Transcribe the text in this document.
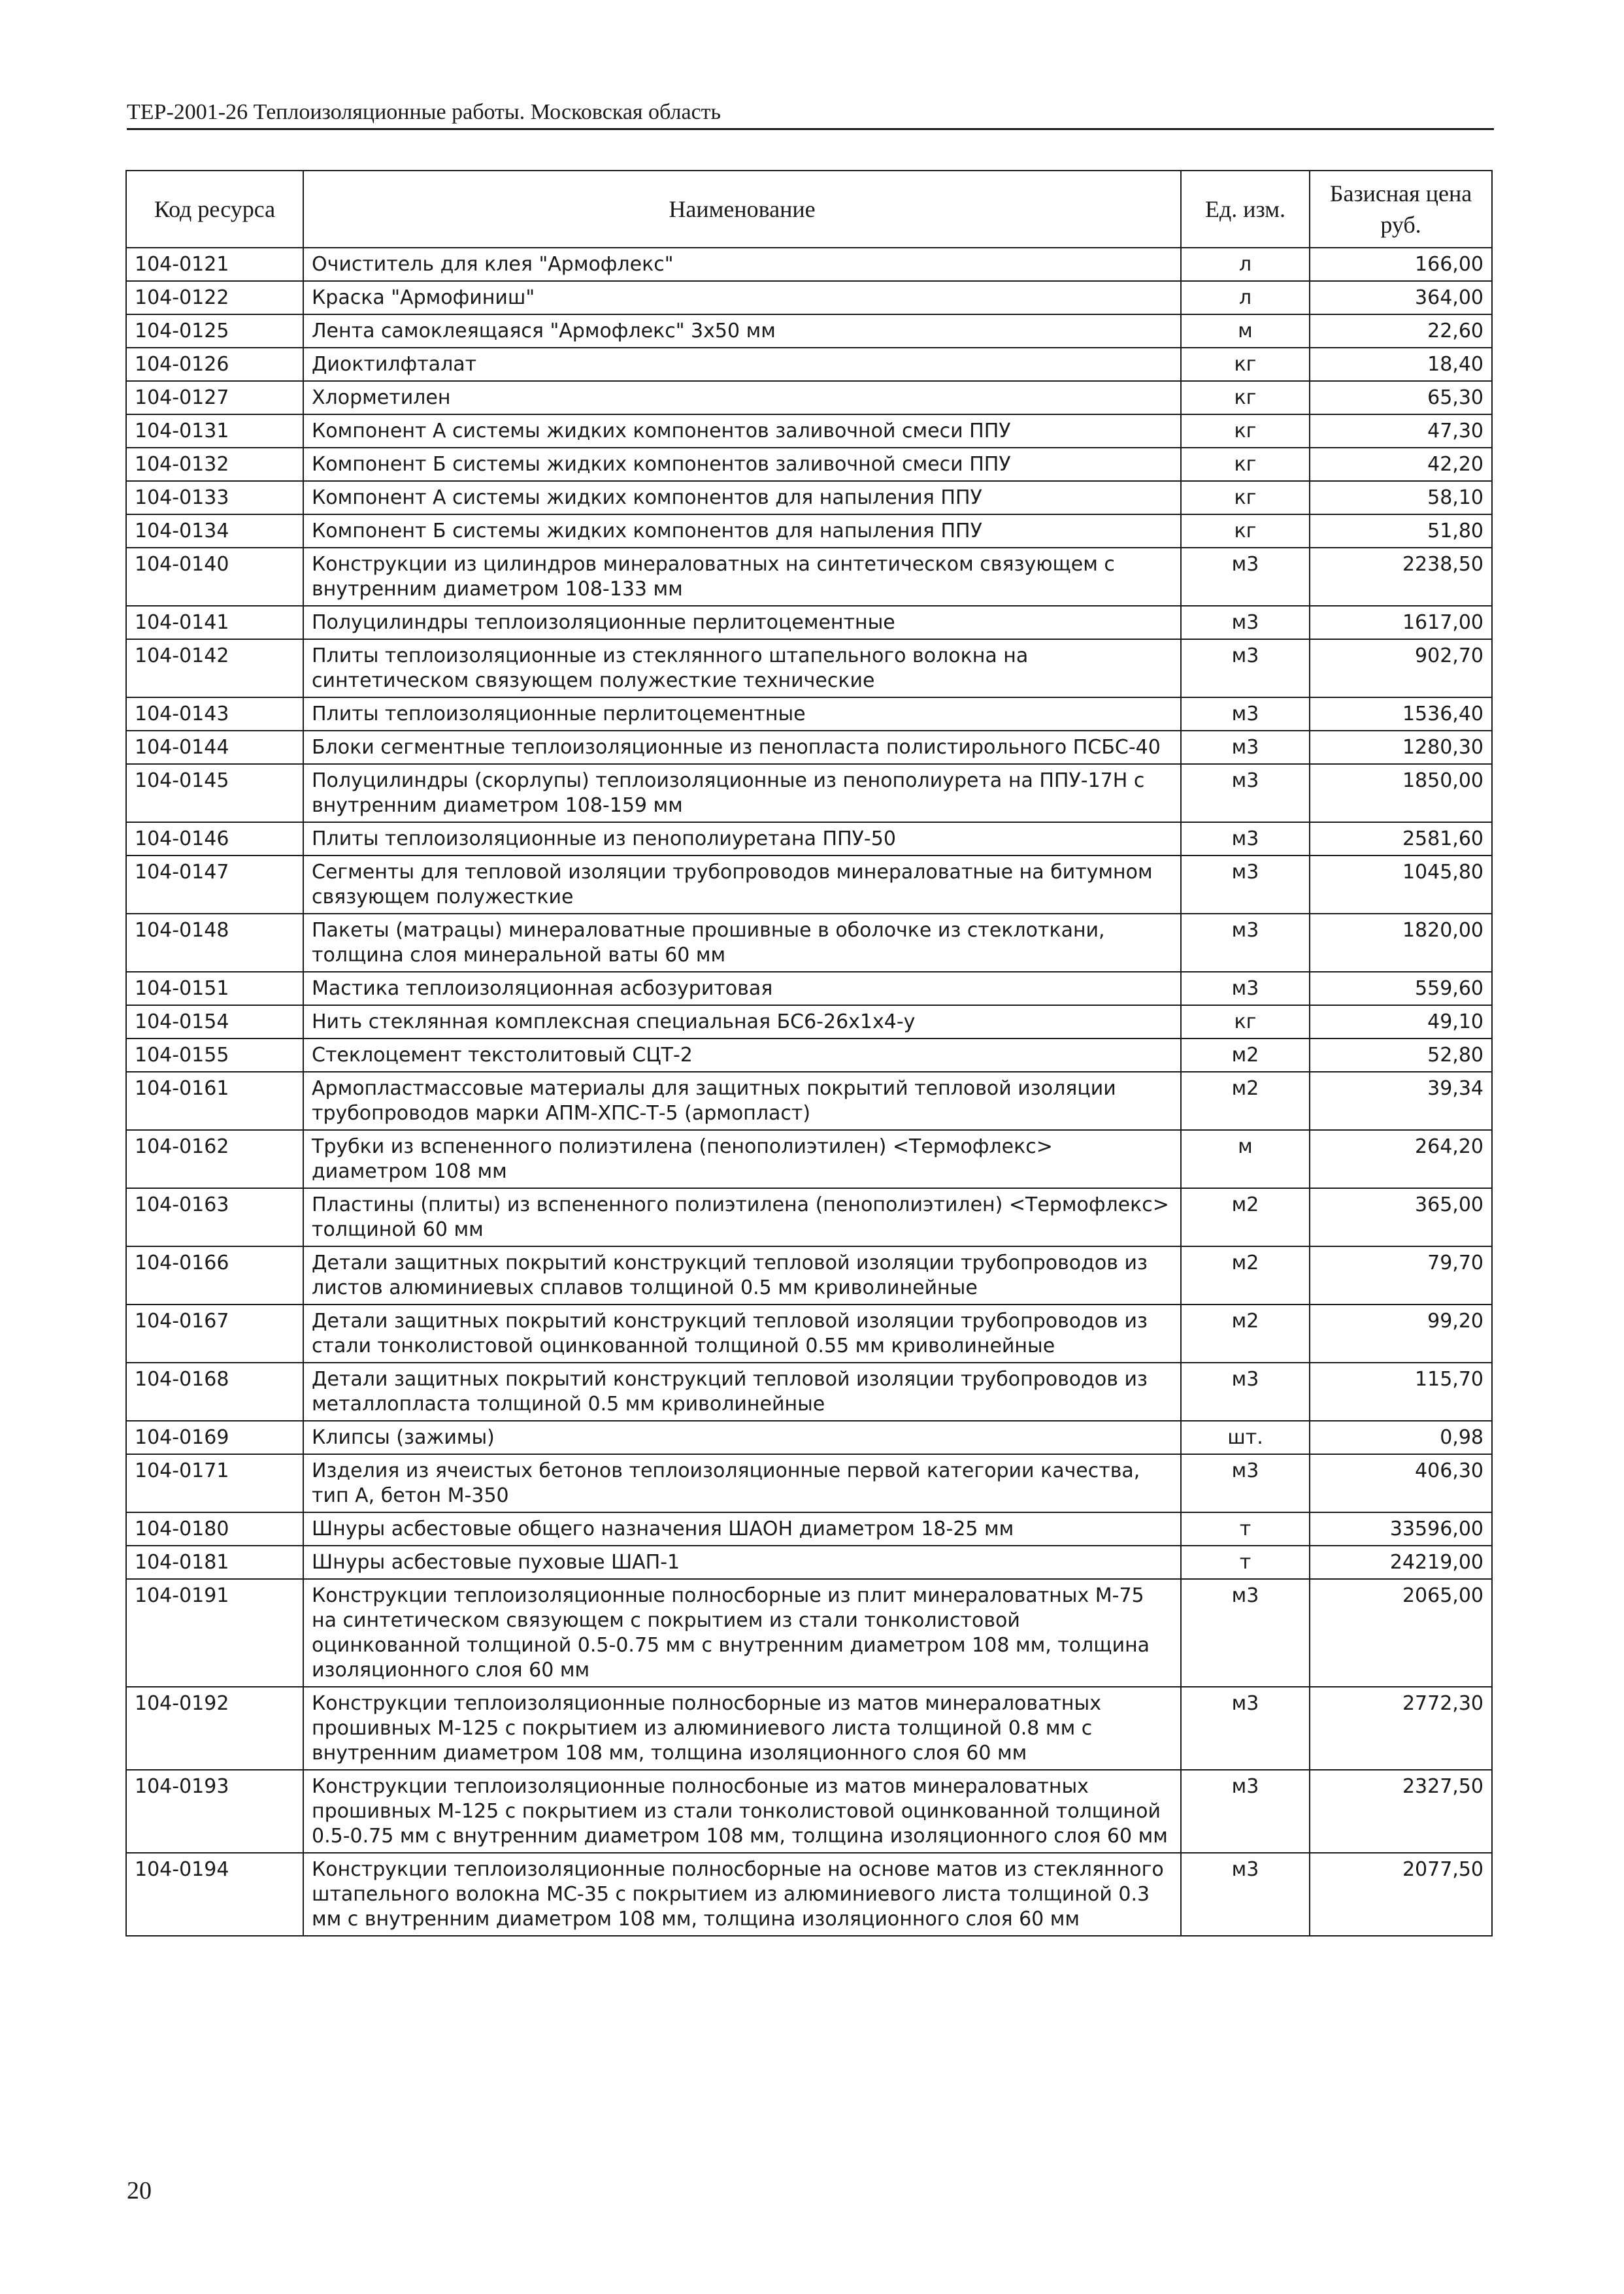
ТЕР-2001-26 Теплоизоляционные работы. Московская область
Код ресурса	Наименование	Ед. изм.	Базисная цена руб.
104-0121	Очиститель для клея "Армофлекс"	л	166,00
104-0122	Краска "Армофиниш"	л	364,00
104-0125	Лента самоклеящаяся "Армофлекс" 3х50 мм	м	22,60
104-0126	Диоктилфталат	кг	18,40
104-0127	Хлорметилен	кг	65,30
104-0131	Компонент А системы жидких компонентов заливочной смеси ППУ	кг	47,30
104-0132	Компонент Б системы жидких компонентов заливочной смеси ППУ	кг	42,20
104-0133	Компонент А системы жидких компонентов для напыления ППУ	кг	58,10
104-0134	Компонент Б системы жидких компонентов для напыления ППУ	кг	51,80
104-0140	Конструкции из цилиндров минераловатных на синтетическом связующем с внутренним диаметром 108-133 мм	м3	2238,50
104-0141	Полуцилиндры теплоизоляционные перлитоцементные	м3	1617,00
104-0142	Плиты теплоизоляционные из стеклянного штапельного волокна на синтетическом связующем полужесткие технические	м3	902,70
104-0143	Плиты теплоизоляционные перлитоцементные	м3	1536,40
104-0144	Блоки сегментные теплоизоляционные из пенопласта полистирольного ПСБС-40	м3	1280,30
104-0145	Полуцилиндры (скорлупы) теплоизоляционные из пенополиурета на ППУ-17Н с внутренним диаметром 108-159 мм	м3	1850,00
104-0146	Плиты теплоизоляционные из пенополиуретана ППУ-50	м3	2581,60
104-0147	Сегменты для тепловой изоляции трубопроводов минераловатные на битумном связующем полужесткие	м3	1045,80
104-0148	Пакеты (матрацы) минераловатные прошивные в оболочке из стеклоткани, толщина слоя минеральной ваты 60 мм	м3	1820,00
104-0151	Мастика теплоизоляционная асбозуритовая	м3	559,60
104-0154	Нить стеклянная комплексная специальная БС6-26х1х4-у	кг	49,10
104-0155	Стеклоцемент текстолитовый СЦТ-2	м2	52,80
104-0161	Армопластмассовые материалы для защитных покрытий тепловой изоляции трубопроводов марки АПМ-ХПС-Т-5 (армопласт)	м2	39,34
104-0162	Трубки из вспененного полиэтилена (пенополиэтилен) <Термофлекс> диаметром 108 мм	м	264,20
104-0163	Пластины (плиты) из вспененного полиэтилена (пенополиэтилен) <Термофлекс> толщиной 60 мм	м2	365,00
104-0166	Детали защитных покрытий конструкций тепловой изоляции трубопроводов из листов алюминиевых сплавов толщиной 0.5 мм криволинейные	м2	79,70
104-0167	Детали защитных покрытий конструкций тепловой изоляции трубопроводов из стали тонколистовой оцинкованной толщиной 0.55 мм криволинейные	м2	99,20
104-0168	Детали защитных покрытий конструкций тепловой изоляции трубопроводов из металлопласта толщиной 0.5 мм криволинейные	м3	115,70
104-0169	Клипсы (зажимы)	шт.	0,98
104-0171	Изделия из ячеистых бетонов теплоизоляционные первой категории качества, тип А, бетон М-350	м3	406,30
104-0180	Шнуры асбестовые общего назначения ШАОН диаметром 18-25 мм	т	33596,00
104-0181	Шнуры асбестовые пуховые ШАП-1	т	24219,00
104-0191	Конструкции теплоизоляционные полносборные из плит минераловатных М-75 на синтетическом связующем с покрытием из стали тонколистовой оцинкованной толщиной 0.5-0.75 мм с внутренним диаметром 108 мм, толщина изоляционного слоя 60 мм	м3	2065,00
104-0192	Конструкции теплоизоляционные полносборные из матов минераловатных прошивных М-125 с покрытием из алюминиевого листа толщиной 0.8 мм с внутренним диаметром 108 мм, толщина изоляционного слоя 60 мм	м3	2772,30
104-0193	Конструкции теплоизоляционные полносбоные из матов минераловатных прошивных М-125 с покрытием из стали тонколистовой оцинкованной толщиной 0.5-0.75 мм с внутренним диаметром 108 мм, толщина изоляционного слоя 60 мм	м3	2327,50
104-0194	Конструкции теплоизоляционные полносборные на основе матов из стеклянного штапельного волокна МС-35 с покрытием из алюминиевого листа толщиной 0.3 мм с внутренним диаметром 108 мм, толщина изоляционного слоя 60 мм	м3	2077,50
20
